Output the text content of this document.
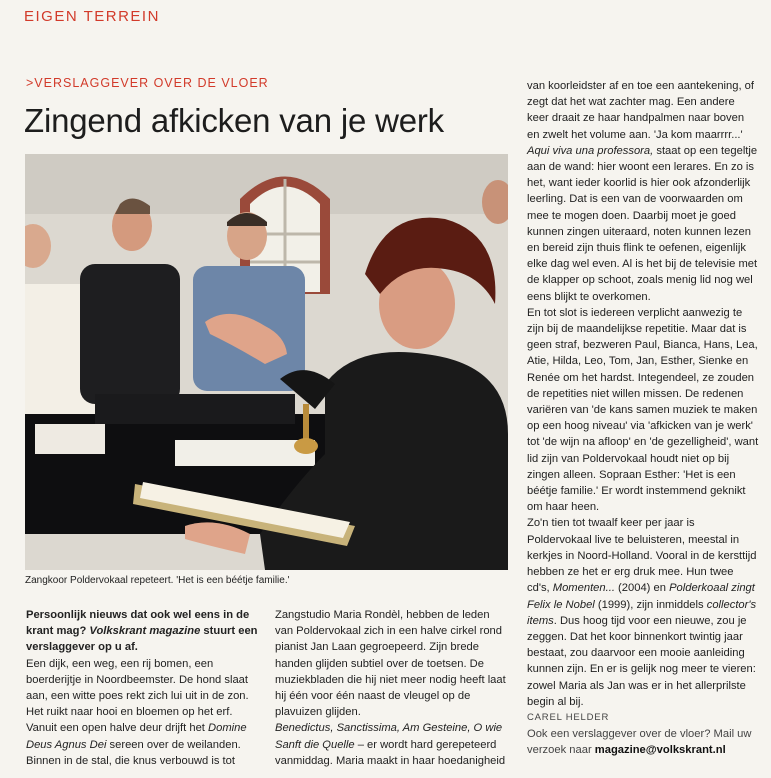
EIGEN TERREIN
>VERSLAGGEVER OVER DE VLOER
Zingend afkicken van je werk
Zangkoor Poldervokaal repeteert. 'Het is een béétje familie.'

Persoonlijk nieuws dat ook wel eens in de krant mag? Volkskrant magazine stuurt een verslaggever op u af.

Een dijk, een weg, een rij bomen, een boerderijtje in Noordbeemster. De hond slaat aan, een witte poes rekt zich lui uit in de zon. Het ruikt naar hooi en bloemen op het erf.

Vanuit een open halve deur drijft het Domine Deus Agnus Dei sereen over de weilanden. Binnen in de stal, die knus verbouwd is tot

Zangstudio Maria Rondèl, hebben de leden van Poldervokaal zich in een halve cirkel rond pianist Jan Laan gegroepeerd. Zijn brede handen glijden subtiel over de toetsen. De muziekbladen die hij niet meer nodig heeft laat hij één voor één naast de vleugel op de plavuizen glijden.

Benedictus, Sanctissima, Am Gesteine, O wie Sanft die Quelle – er wordt hard gerepeteerd vanmiddag. Maria maakt in haar hoedanigheid

van koorleidster af en toe een aantekening, of zegt dat het wat zachter mag. Een andere keer draait ze haar handpalmen naar boven en zwelt het volume aan. 'Ja kom maarrrr...'

Aqui viva una professora, staat op een tegeltje aan de wand: hier woont een lerares. En zo is het, want ieder koorlid is hier ook afzonderlijk leerling. Dat is een van de voorwaarden om mee te mogen doen. Daarbij moet je goed kunnen zingen uiteraard, noten kunnen lezen en bereid zijn thuis flink te oefenen, eigenlijk elke dag wel even. Al is het bij de televisie met de klapper op schoot, zoals menig lid nog wel eens blijkt te overkomen.

En tot slot is iedereen verplicht aanwezig te zijn bij de maandelijkse repetitie. Maar dat is geen straf, bezweren Paul, Bianca, Hans, Lea, Atie, Hilda, Leo, Tom, Jan, Esther, Sienke en Renée om het hardst. Integendeel, ze zouden de repetities niet willen missen. De redenen variëren van 'de kans samen muziek te maken op een hoog niveau' via 'afkicken van je werk' tot 'de wijn na afloop' en 'de gezelligheid', want lid zijn van Poldervokaal houdt niet op bij zingen alleen. Sopraan Esther: 'Het is een béétje familie.' Er wordt instemmend geknikt om haar heen.

Zo'n tien tot twaalf keer per jaar is Poldervokaal live te beluisteren, meestal in kerkjes in Noord-Holland. Vooral in de kersttijd hebben ze het er erg druk mee. Hun twee cd's, Momenten... (2004) en Polderkoaal zingt Felix le Nobel (1999), zijn inmiddels collector's items. Dus hoog tijd voor een nieuwe, zou je zeggen. Dat het koor binnenkort twintig jaar bestaat, zou daarvoor een mooie aanleiding kunnen zijn. En er is gelijk nog meer te vieren: zowel Maria als Jan was er in het allerprilste begin al bij.

CAREL HELDER

Ook een verslaggever over de vloer? Mail uw verzoek naar magazine@volkskrant.nl
